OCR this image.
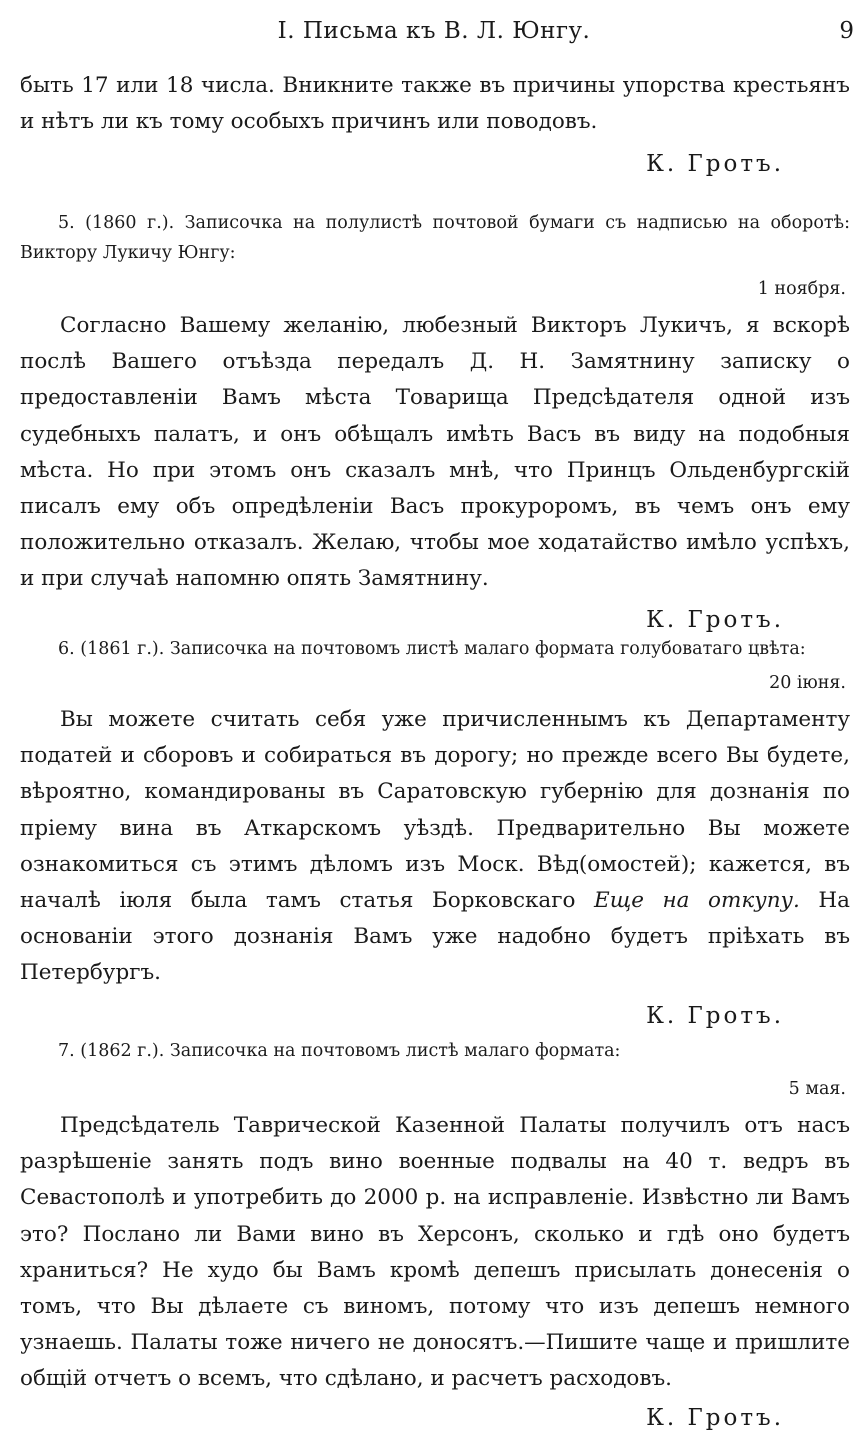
I. Письма къ В. Л. Юнгу.	9

быть 17 или 18 числа. Вникните также въ причины упорства крестьянъ и нѣтъ ли къ тому особыхъ причинъ или поводовъ.

К. Гротъ.

5. (1860 г.). Записочка на полулистѣ почтовой бумаги съ надписью на оборотѣ: Виктору Лукичу Юнгу:

1 ноября.

Согласно Вашему желанію, любезный Викторъ Лукичъ, я вскорѣ послѣ Вашего отъѣзда передалъ Д. Н. Замятнину записку о предоставленіи Вамъ мѣста Товарища Предсѣдателя одной изъ судебныхъ палатъ, и онъ обѣщалъ имѣть Васъ въ виду на подобныя мѣста. Но при этомъ онъ сказалъ мнѣ, что Принцъ Ольденбургскій писалъ ему объ опредѣленіи Васъ прокуроромъ, въ чемъ онъ ему положительно отказалъ. Желаю, чтобы мое ходатайство имѣло успѣхъ, и при случаѣ напомню опять Замятнину.

К. Гротъ.

6. (1861 г.). Записочка на почтовомъ листѣ малаго формата голубоватаго цвѣта:

20 іюня.

Вы можете считать себя уже причисленнымъ къ Департаменту податей и сборовъ и собираться въ дорогу; но прежде всего Вы будете, вѣроятно, командированы въ Саратовскую губернію для дознанія по пріему вина въ Аткарскомъ уѣздѣ. Предварительно Вы можете ознакомиться съ этимъ дѣломъ изъ Моск. Вѣд(омостей); кажется, въ началѣ іюля была тамъ статья Борковскаго Еще на откупу. На основаніи этого дознанія Вамъ уже надобно будетъ пріѣхать въ Петербургъ.

К. Гротъ.

7. (1862 г.). Записочка на почтовомъ листѣ малаго формата:

5 мая.

Предсѣдатель Таврической Казенной Палаты получилъ отъ насъ разрѣшеніе занять подъ вино военные подвалы на 40 т. ведръ въ Севастополѣ и употребить до 2000 р. на исправленіе. Извѣстно ли Вамъ это? Послано ли Вами вино въ Херсонъ, сколько и гдѣ оно будетъ храниться? Не худо бы Вамъ кромѣ депешъ присылать донесенія о томъ, что Вы дѣлаете съ виномъ, потому что изъ депешъ немного узнаешь. Палаты тоже ничего не доносятъ.—Пишите чаще и пришлите общій отчетъ о всемъ, что сдѣлано, и расчетъ расходовъ.

К. Гротъ.
